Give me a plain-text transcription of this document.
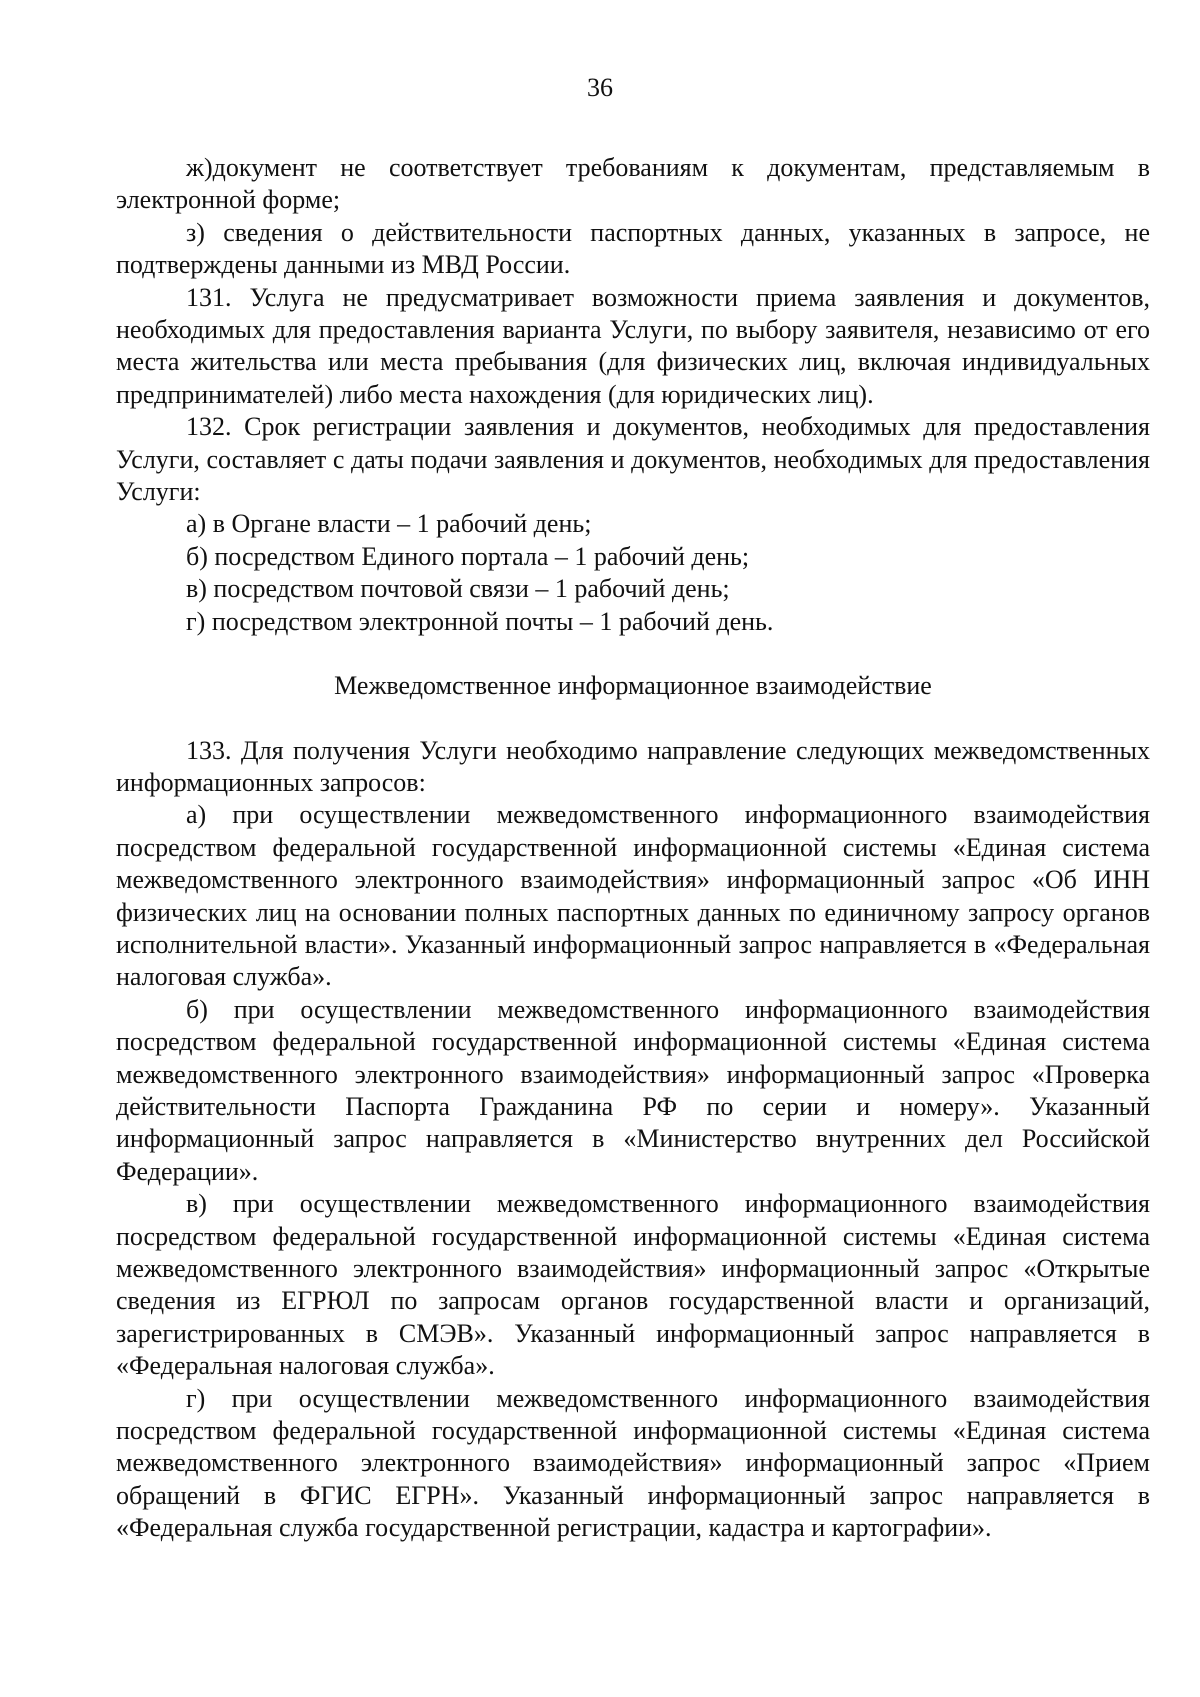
36

ж)документ не соответствует требованиям к документам, представляемым в электронной форме;

з) сведения о действительности паспортных данных, указанных в запросе, не подтверждены данными из МВД России.

131. Услуга не предусматривает возможности приема заявления и документов, необходимых для предоставления варианта Услуги, по выбору заявителя, независимо от его места жительства или места пребывания (для физических лиц, включая индивидуальных предпринимателей) либо места нахождения (для юридических лиц).

132. Срок регистрации заявления и документов, необходимых для предоставления Услуги, составляет с даты подачи заявления и документов, необходимых для предоставления Услуги:

а) в Органе власти – 1 рабочий день;

б) посредством Единого портала – 1 рабочий день;

в) посредством почтовой связи – 1 рабочий день;

г) посредством электронной почты – 1 рабочий день.

Межведомственное информационное взаимодействие

133. Для получения Услуги необходимо направление следующих межведомственных информационных запросов:

а) при осуществлении межведомственного информационного взаимодействия посредством федеральной государственной информационной системы «Единая система межведомственного электронного взаимодействия» информационный запрос «Об ИНН физических лиц на основании полных паспортных данных по единичному запросу органов исполнительной власти». Указанный информационный запрос направляется в «Федеральная налоговая служба».

б) при осуществлении межведомственного информационного взаимодействия посредством федеральной государственной информационной системы «Единая система межведомственного электронного взаимодействия» информационный запрос «Проверка действительности Паспорта Гражданина РФ по серии и номеру». Указанный информационный запрос направляется в «Министерство внутренних дел Российской Федерации».

в) при осуществлении межведомственного информационного взаимодействия посредством федеральной государственной информационной системы «Единая система межведомственного электронного взаимодействия» информационный запрос «Открытые сведения из ЕГРЮЛ по запросам органов государственной власти и организаций, зарегистрированных в СМЭВ». Указанный информационный запрос направляется в «Федеральная налоговая служба».

г) при осуществлении межведомственного информационного взаимодействия посредством федеральной государственной информационной системы «Единая система межведомственного электронного взаимодействия» информационный запрос «Прием обращений в ФГИС ЕГРН». Указанный информационный запрос направляется в «Федеральная служба государственной регистрации, кадастра и картографии».
